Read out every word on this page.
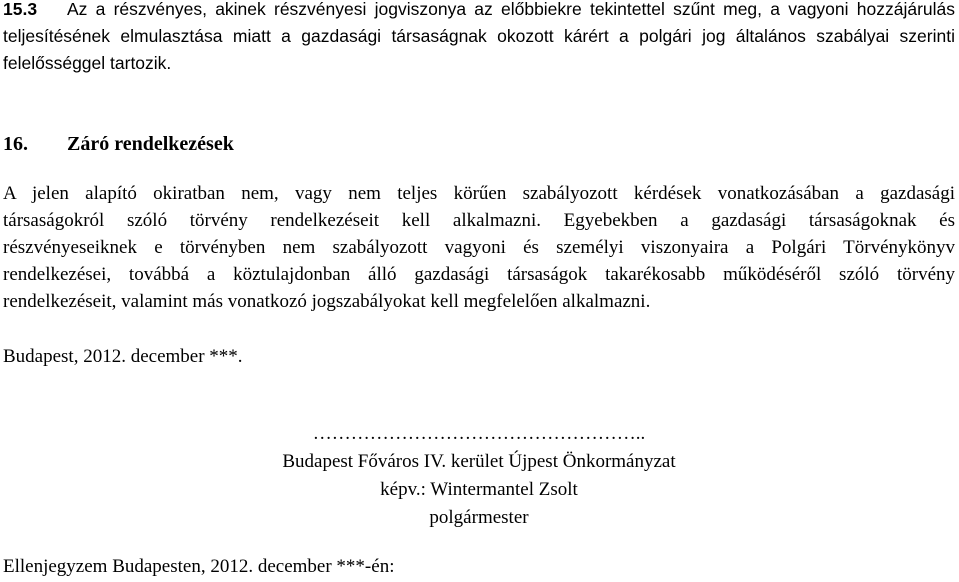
15.3 Az a részvényes, akinek részvényesi jogviszonya az előbbiekre tekintettel szűnt meg, a vagyoni hozzájárulás teljesítésének elmulasztása miatt a gazdasági társaságnak okozott kárért a polgári jog általános szabályai szerinti felelősséggel tartozik.

16. Záró rendelkezések

A jelen alapító okiratban nem, vagy nem teljes körűen szabályozott kérdések vonatkozásában a gazdasági
társaságokról szóló törvény rendelkezéseit kell alkalmazni. Egyebekben a gazdasági társaságoknak és
részvényeseiknek e törvényben nem szabályozott vagyoni és személyi viszonyaira a Polgári Törvénykönyv
rendelkezései, továbbá a köztulajdonban álló gazdasági társaságok takarékosabb működéséről szóló törvény
rendelkezéseit, valamint más vonatkozó jogszabályokat kell megfelelően alkalmazni.

Budapest, 2012. december ***.

……………………………………………..
Budapest Főváros IV. kerület Újpest Önkormányzat
képv.: Wintermantel Zsolt
polgármester

Ellenjegyzem Budapesten, 2012. december ***-én:
